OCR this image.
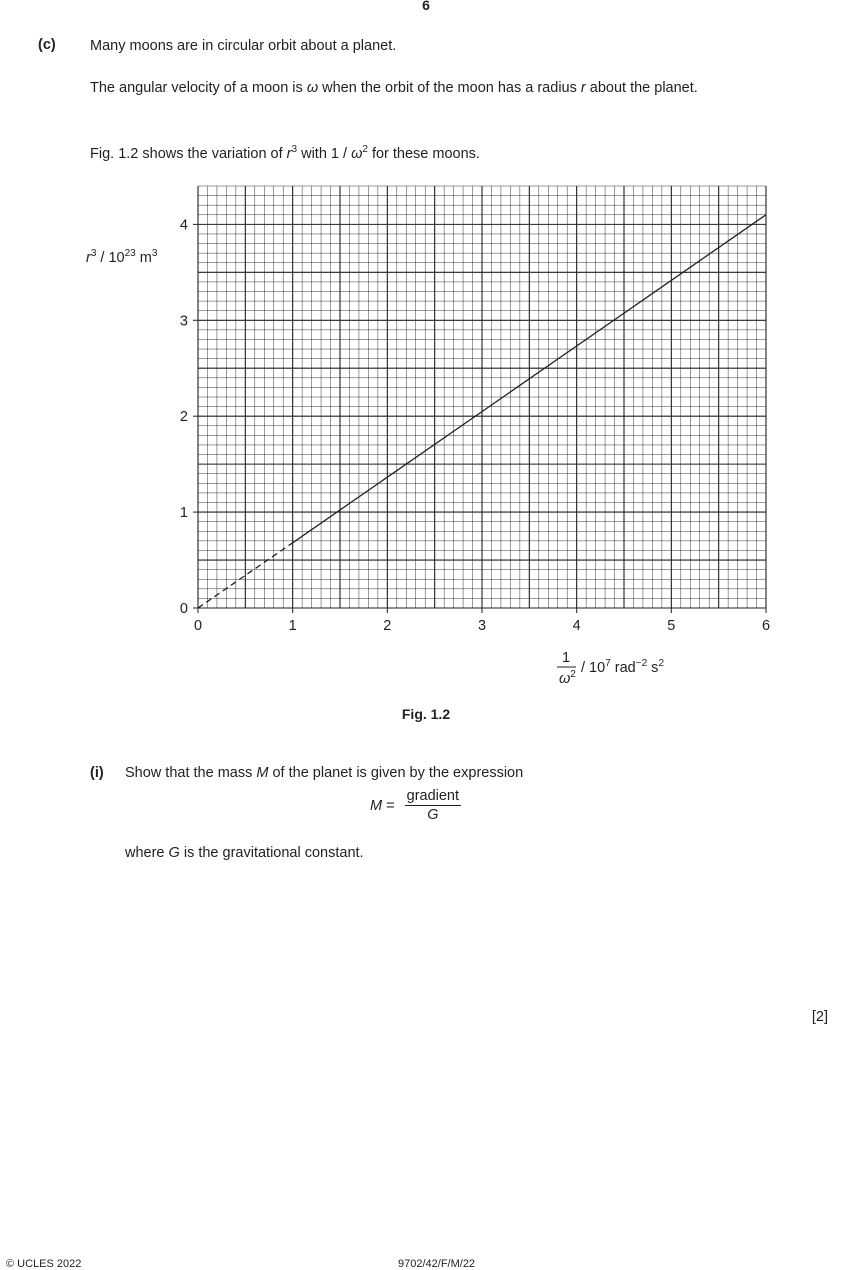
6
(c) Many moons are in circular orbit about a planet.
The angular velocity of a moon is ω when the orbit of the moon has a radius r about the planet.
Fig. 1.2 shows the variation of $r^3$ with $1 / \omega^2$ for these moons.
0	1	2	3	4	5	6
0
1
2
3
4
$r^3 / 10^{23}$ $m^3$
1
$\omega^2 / 10^7$ rad$^{-2}$ $s^2$
Fig. 1.2
(i) Show that the mass M of the planet is given by the expression
$M = \frac{\text{gradient}}{G}$
where G is the gravitational constant.
[2]
© UCLES 2022	9702/42/F/M/22
